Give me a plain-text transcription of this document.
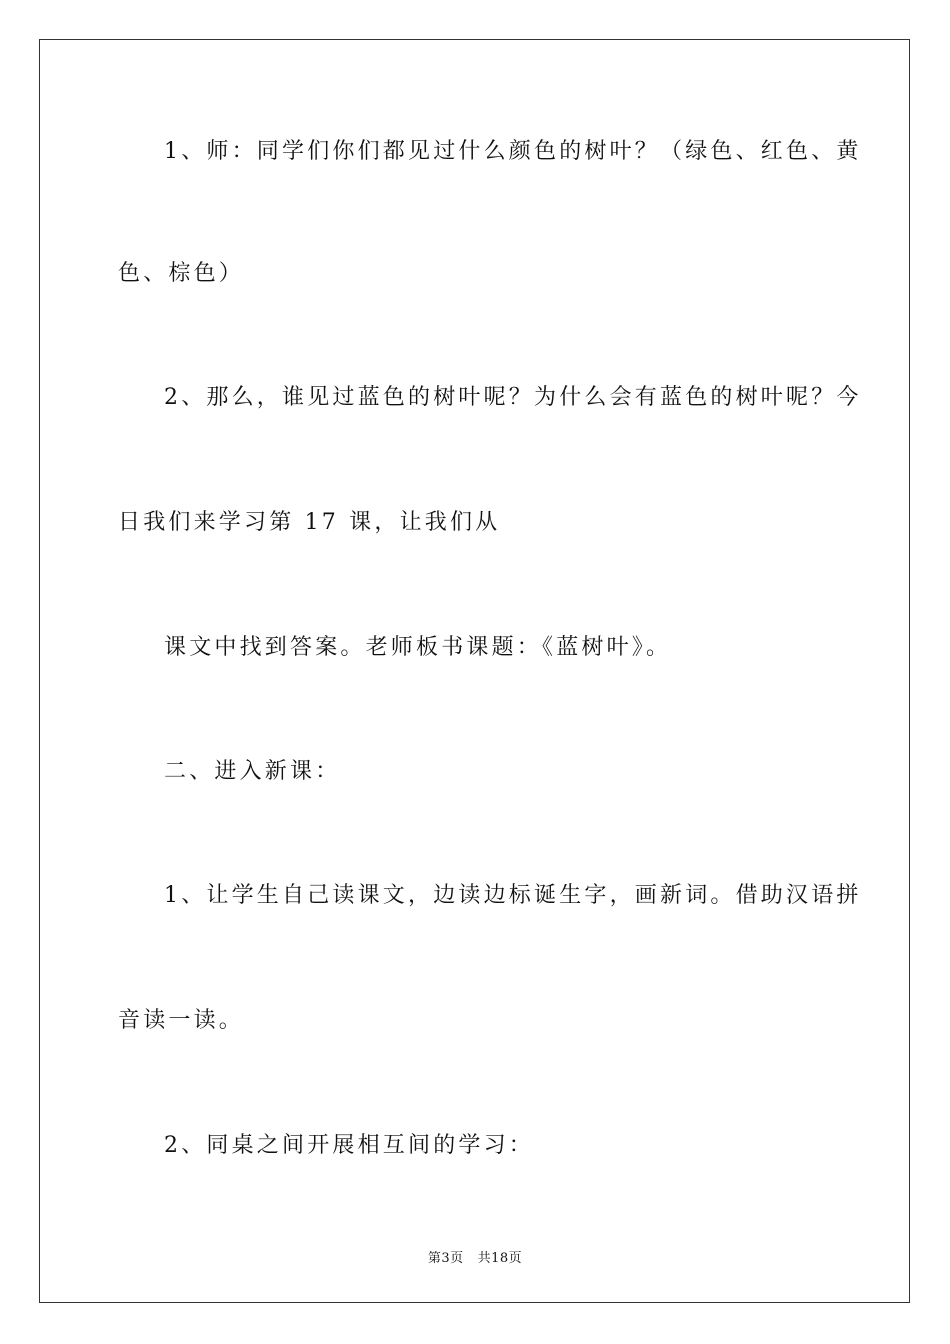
1、师：同学们你们都见过什么颜色的树叶？（绿色、红色、黄
色、棕色）
2、那么，谁见过蓝色的树叶呢？为什么会有蓝色的树叶呢？今
日我们来学习第 17 课，让我们从
课文中找到答案。老师板书课题：《蓝树叶》。
二、进入新课：
1、让学生自己读课文，边读边标诞生字，画新词。借助汉语拼
音读一读。
2、同桌之间开展相互间的学习：
第3页 共18页
